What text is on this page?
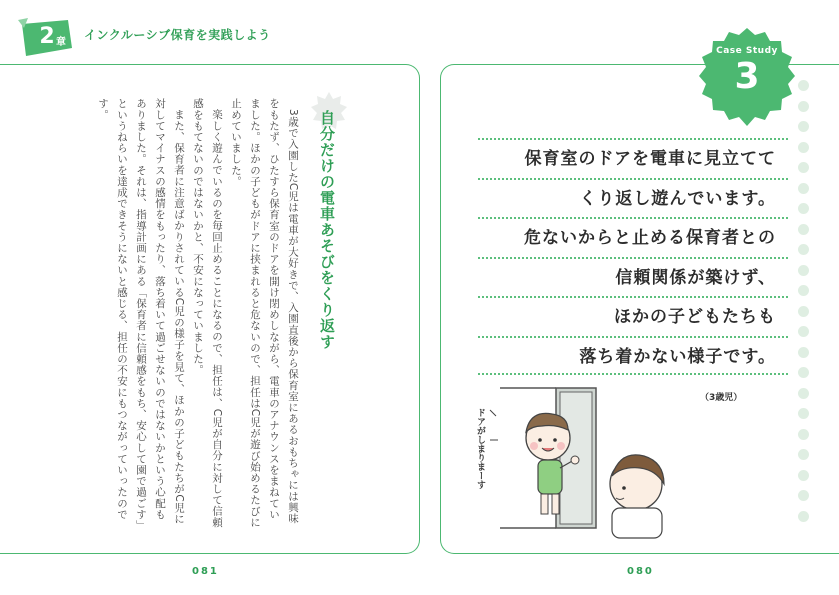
2 章
インクルーシブ保育を実践しよう

3歳で入園したC児は電車が大好きで、入園直後から保育室にあるおもちゃには興味をもたず、ひたすら保育室のドアを開け閉めしながら、電車のアナウンスをまねていました。ほかの子どもがドアに挟まれると危ないので、担任はC児が遊び始めるたびに止めていました。

楽しく遊んでいるのを毎回止めることになるので、担任は、C児が自分に対して信頼感をもてないのではないかと、不安になっていました。

また、保育者に注意ばかりされているC児の様子を見て、ほかの子どもたちがC児に対してマイナスの感情をもったり、落ち着いて過ごせないのではないかという心配もありました。それは、指導計画にある「保育者に信頼感をもち、安心して園で過ごす」というねらいを達成できそうにないと感じる、担任の不安にもつながっていったのです。

自分だけの電車あそびをくり返す
Case Study
3
保育室のドアを電車に見立てて
くり返し遊んでいます。
危ないからと止める保育者との
信頼関係が築けず、
ほかの子どもたちも
落ち着かない様子です。
（3歳児）
ドアがしまりまーす
081	080
